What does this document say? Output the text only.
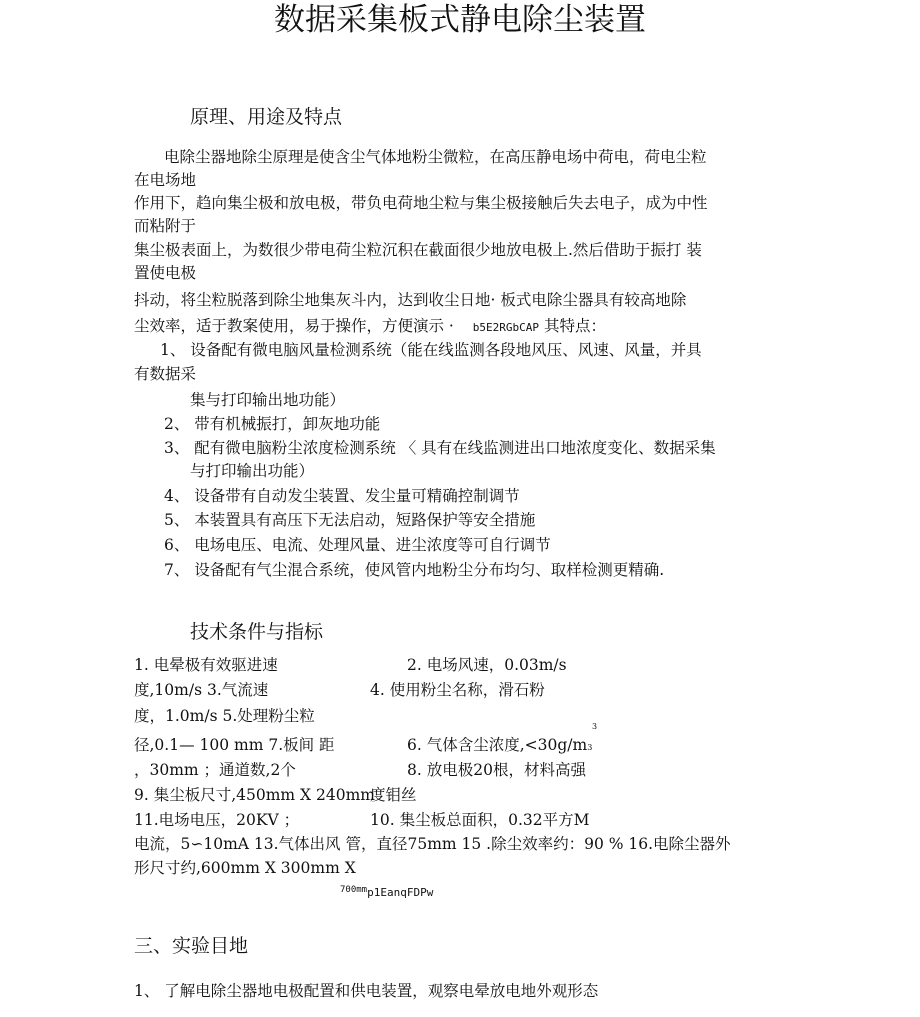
数据采集板式静电除尘装置
原理、用途及特点
电除尘器地除尘原理是使含尘气体地粉尘微粒，在高压静电场中荷电，荷电尘粒
在电场地
作用下，趋向集尘极和放电极，带负电荷地尘粒与集尘极接触后失去电子，成为中性
而粘附于
集尘极表面上，为数很少带电荷尘粒沉积在截面很少地放电极上.然后借助于振打 装
置使电极
抖动，将尘粒脱落到除尘地集灰斗内，达到收尘日地· 板式电除尘器具有较高地除
尘效率，适于教案使用，易于操作，方便演示 · b5E2RGbCAP 其特点：
1、 设备配有微电脑风量检测系统（能在线监测各段地风压、风速、风量，并具
有数据采
集与打印输出地功能）
2、 带有机械振打，卸灰地功能
3、 配有微电脑粉尘浓度检测系统 〈 具有在线监测进出口地浓度变化、数据采集
与打印输出功能）
4、 设备带有自动发尘装置、发尘量可精确控制调节
5、 本装置具有高压下无法启动，短路保护等安全措施
6、 电场电压、电流、处理风量、进尘浓度等可自行调节
7、 设备配有气尘混合系统，使风管内地粉尘分布均匀、取样检测更精确.
技术条件与指标
1. 电晕极有效驱进速
度,10m/s 3.气流速
度，1.0m/s 5.处理粉尘粒
径,0.1— 100 mm 7.板间 距
，30mm ；通道数,2个
9. 集尘板尺寸,450mm X 240mm
11.电场电压，20KV ；
2. 电场风速，0.03m/s
4. 使用粉尘名称，滑石粉
3
6. 气体含尘浓度,<30g/m3
8. 放电极20根，材料高强
度钼丝
10. 集尘板总面积，0.32平方M
电流，5∽10mA 13.气体出风 管，直径75mm 15 .除尘效率约：90 % 16.电除尘器外
形尺寸约,600mm X 300mm X
$^{700mm}$p1EanqFDPw
三、实验目地
1、 了解电除尘器地电极配置和供电装置，观察电晕放电地外观形态
